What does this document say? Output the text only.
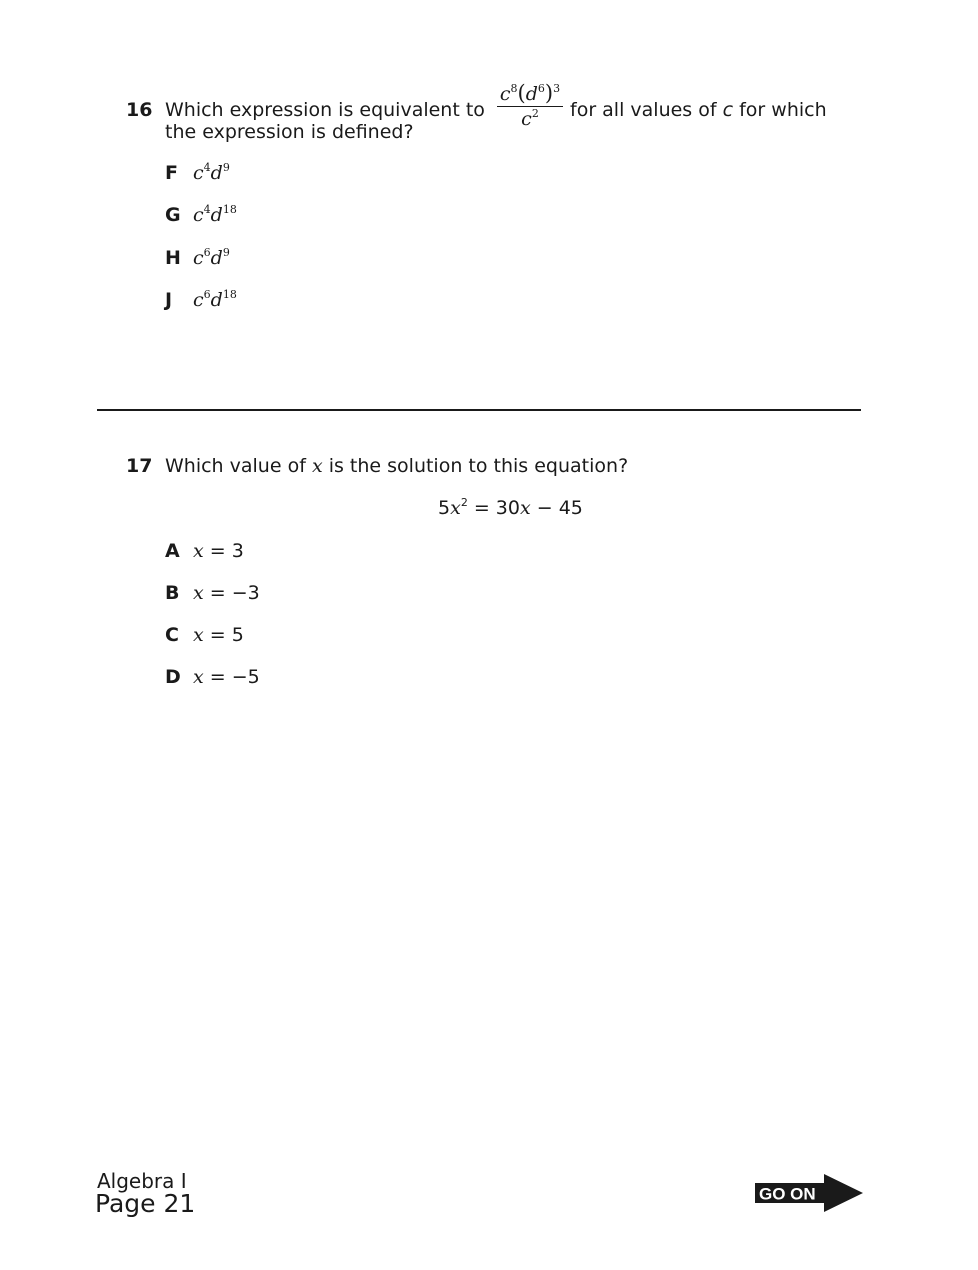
16 Which expression is equivalent to $\frac{c^8(d^6)^3}{c^2}$ for all values of c for which
the expression is defined?
F $c^4d^9$
G $c^4d^{18}$
H $c^6d^9$
J $c^6d^{18}$
17 Which value of x is the solution to this equation?
$5x^2 = 30x - 45$
A x = 3
B x = −3
C x = 5
D x = −5
Algebra I
Page 21	GO ON
